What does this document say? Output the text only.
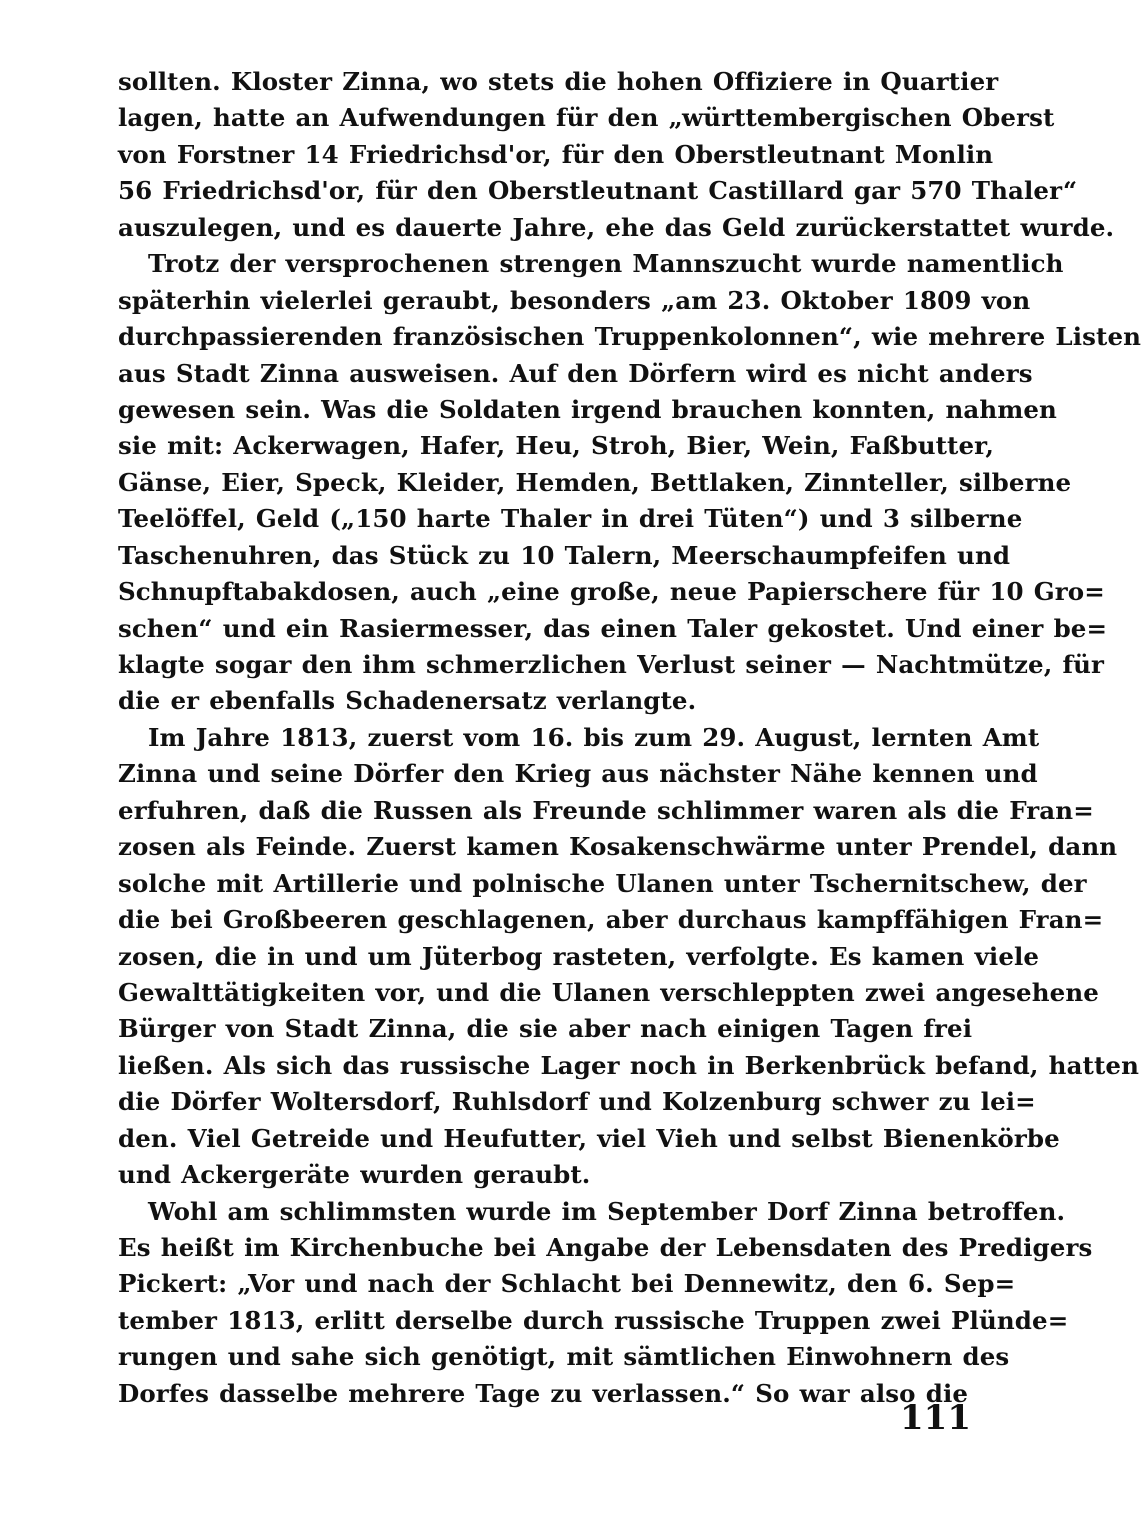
sollten. Kloster Zinna, wo stets die hohen Offiziere in Quartier
lagen, hatte an Aufwendungen für den „württembergischen Oberst
von Forstner 14 Friedrichsd'or, für den Oberstleutnant Monlin
56 Friedrichsd'or, für den Oberstleutnant Castillard gar 570 Thaler“
auszulegen, und es dauerte Jahre, ehe das Geld zurückerstattet wurde.
Trotz der versprochenen strengen Mannszucht wurde namentlich
späterhin vielerlei geraubt, besonders „am 23. Oktober 1809 von
durchpassierenden französischen Truppenkolonnen“, wie mehrere Listen
aus Stadt Zinna ausweisen. Auf den Dörfern wird es nicht anders
gewesen sein. Was die Soldaten irgend brauchen konnten, nahmen
sie mit: Ackerwagen, Hafer, Heu, Stroh, Bier, Wein, Faßbutter,
Gänse, Eier, Speck, Kleider, Hemden, Bettlaken, Zinnteller, silberne
Teelöffel, Geld („150 harte Thaler in drei Tüten“) und 3 silberne
Taschenuhren, das Stück zu 10 Talern, Meerschaumpfeifen und
Schnupftabakdosen, auch „eine große, neue Papierschere für 10 Gro=
schen“ und ein Rasiermesser, das einen Taler gekostet. Und einer be=
klagte sogar den ihm schmerzlichen Verlust seiner — Nachtmütze, für
die er ebenfalls Schadenersatz verlangte.
Im Jahre 1813, zuerst vom 16. bis zum 29. August, lernten Amt
Zinna und seine Dörfer den Krieg aus nächster Nähe kennen und
erfuhren, daß die Russen als Freunde schlimmer waren als die Fran=
zosen als Feinde. Zuerst kamen Kosakenschwärme unter Prendel, dann
solche mit Artillerie und polnische Ulanen unter Tschernitschew, der
die bei Großbeeren geschlagenen, aber durchaus kampffähigen Fran=
zosen, die in und um Jüterbog rasteten, verfolgte. Es kamen viele
Gewalttätigkeiten vor, und die Ulanen verschleppten zwei angesehene
Bürger von Stadt Zinna, die sie aber nach einigen Tagen frei
ließen. Als sich das russische Lager noch in Berkenbrück befand, hatten
die Dörfer Woltersdorf, Ruhlsdorf und Kolzenburg schwer zu lei=
den. Viel Getreide und Heufutter, viel Vieh und selbst Bienenkörbe
und Ackergeräte wurden geraubt.
Wohl am schlimmsten wurde im September Dorf Zinna betroffen.
Es heißt im Kirchenbuche bei Angabe der Lebensdaten des Predigers
Pickert: „Vor und nach der Schlacht bei Dennewitz, den 6. Sep=
tember 1813, erlitt derselbe durch russische Truppen zwei Plünde=
rungen und sahe sich genötigt, mit sämtlichen Einwohnern des
Dorfes dasselbe mehrere Tage zu verlassen.“ So war also die
111
